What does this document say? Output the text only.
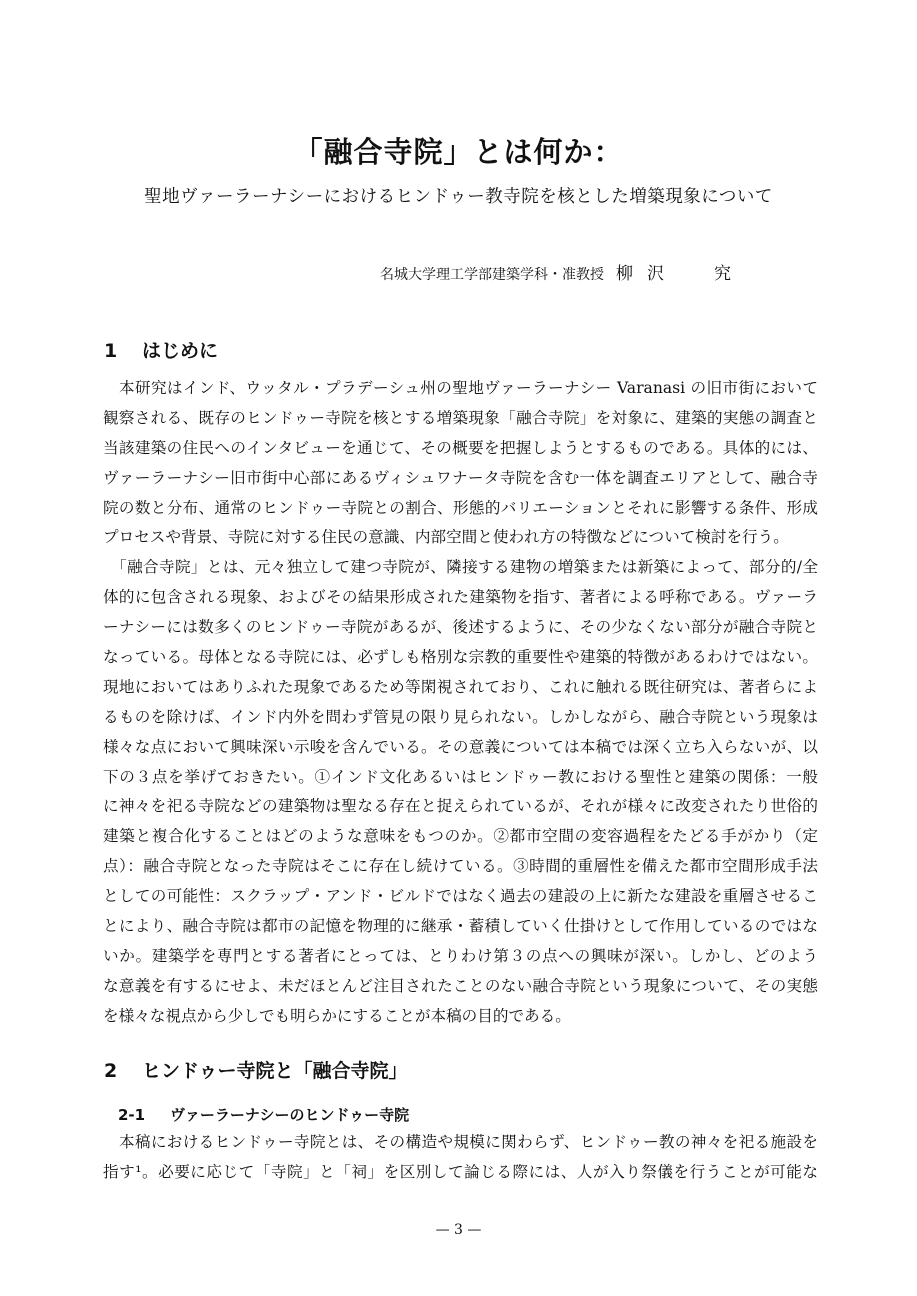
「融合寺院」とは何か：
聖地ヴァーラーナシーにおけるヒンドゥー教寺院を核とした増築現象について
名城大学理工学部建築学科・准教授 柳沢 究
1 はじめに
　本研究はインド、ウッタル・プラデーシュ州の聖地ヴァーラーナシー Varanasi の旧市街において
観察される、既存のヒンドゥー寺院を核とする増築現象「融合寺院」を対象に、建築的実態の調査と
当該建築の住民へのインタビューを通じて、その概要を把握しようとするものである。具体的には、
ヴァーラーナシー旧市街中心部にあるヴィシュワナータ寺院を含む一体を調査エリアとして、融合寺
院の数と分布、通常のヒンドゥー寺院との割合、形態的バリエーションとそれに影響する条件、形成
プロセスや背景、寺院に対する住民の意識、内部空間と使われ方の特徴などについて検討を行う。
　「融合寺院」とは、元々独立して建つ寺院が、隣接する建物の増築または新築によって、部分的/全
体的に包含される現象、およびその結果形成された建築物を指す、著者による呼称である。ヴァーラ
ーナシーには数多くのヒンドゥー寺院があるが、後述するように、その少なくない部分が融合寺院と
なっている。母体となる寺院には、必ずしも格別な宗教的重要性や建築的特徴があるわけではない。
現地においてはありふれた現象であるため等閑視されており、これに触れる既往研究は、著者らによ
るものを除けば、インド内外を問わず管見の限り見られない。しかしながら、融合寺院という現象は
様々な点において興味深い示唆を含んでいる。その意義については本稿では深く立ち入らないが、以
下の３点を挙げておきたい。①インド文化あるいはヒンドゥー教における聖性と建築の関係：一般
に神々を祀る寺院などの建築物は聖なる存在と捉えられているが、それが様々に改変されたり世俗的
建築と複合化することはどのような意味をもつのか。②都市空間の変容過程をたどる手がかり（定
点）：融合寺院となった寺院はそこに存在し続けている。③時間的重層性を備えた都市空間形成手法
としての可能性：スクラップ・アンド・ビルドではなく過去の建設の上に新たな建設を重層させるこ
とにより、融合寺院は都市の記憶を物理的に継承・蓄積していく仕掛けとして作用しているのではな
いか。建築学を専門とする著者にとっては、とりわけ第３の点への興味が深い。しかし、どのよう
な意義を有するにせよ、未だほとんど注目されたことのない融合寺院という現象について、その実態
を様々な視点から少しでも明らかにすることが本稿の目的である。
2 ヒンドゥー寺院と「融合寺院」
2-1 ヴァーラーナシーのヒンドゥー寺院
　本稿におけるヒンドゥー寺院とは、その構造や規模に関わらず、ヒンドゥー教の神々を祀る施設を
指す¹。必要に応じて「寺院」と「祠」を区別して論じる際には、人が入り祭儀を行うことが可能な
— 3 —
